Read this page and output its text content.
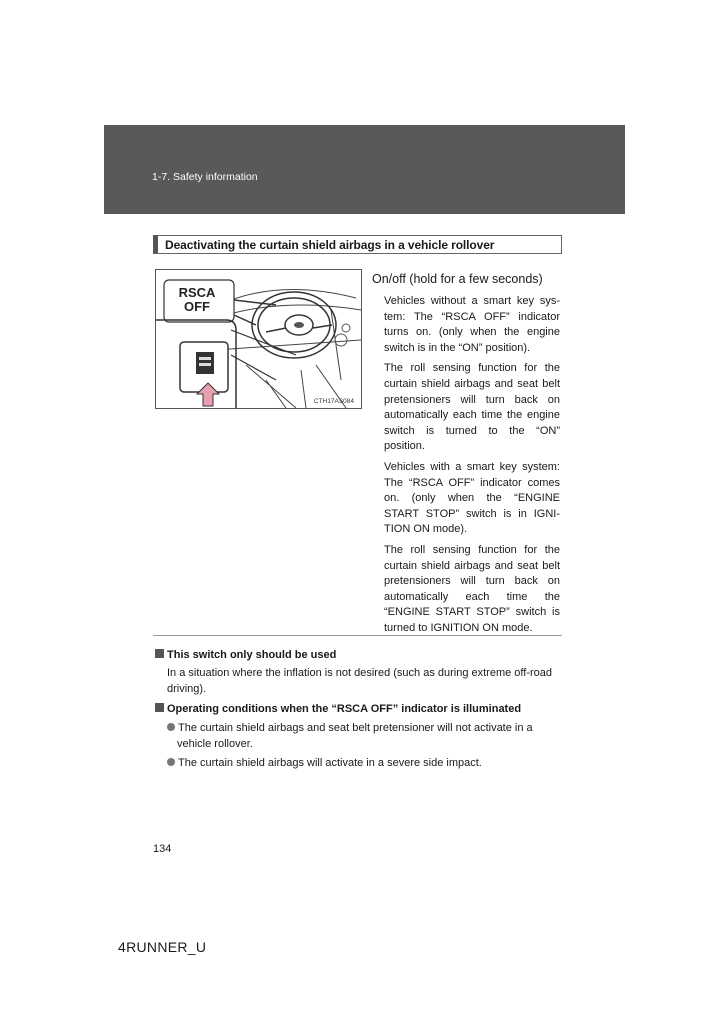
1-7. Safety information
Deactivating the curtain shield airbags in a vehicle rollover
RSCA
OFF
CTH17AS084

On/off (hold for a few seconds)

Vehicles without a smart key sys-tem: The “RSCA OFF” indicator turns on. (only when the engine switch is in the “ON” position).

The roll sensing function for the curtain shield airbags and seat belt pretensioners will turn back on automatically each time the engine switch is turned to the “ON” position.

Vehicles with a smart key system: The “RSCA OFF” indicator comes on. (only when the “ENGINE START STOP” switch is in IGNI-TION ON mode).

The roll sensing function for the curtain shield airbags and seat belt pretensioners will turn back on automatically each time the “ENGINE START STOP” switch is turned to IGNITION ON mode.

This switch only should be used

In a situation where the inflation is not desired (such as during extreme off-road driving).

Operating conditions when the “RSCA OFF” indicator is illuminated

The curtain shield airbags and seat belt pretensioner will not activate in a vehicle rollover.

The curtain shield airbags will activate in a severe side impact.

134
4RUNNER_U
